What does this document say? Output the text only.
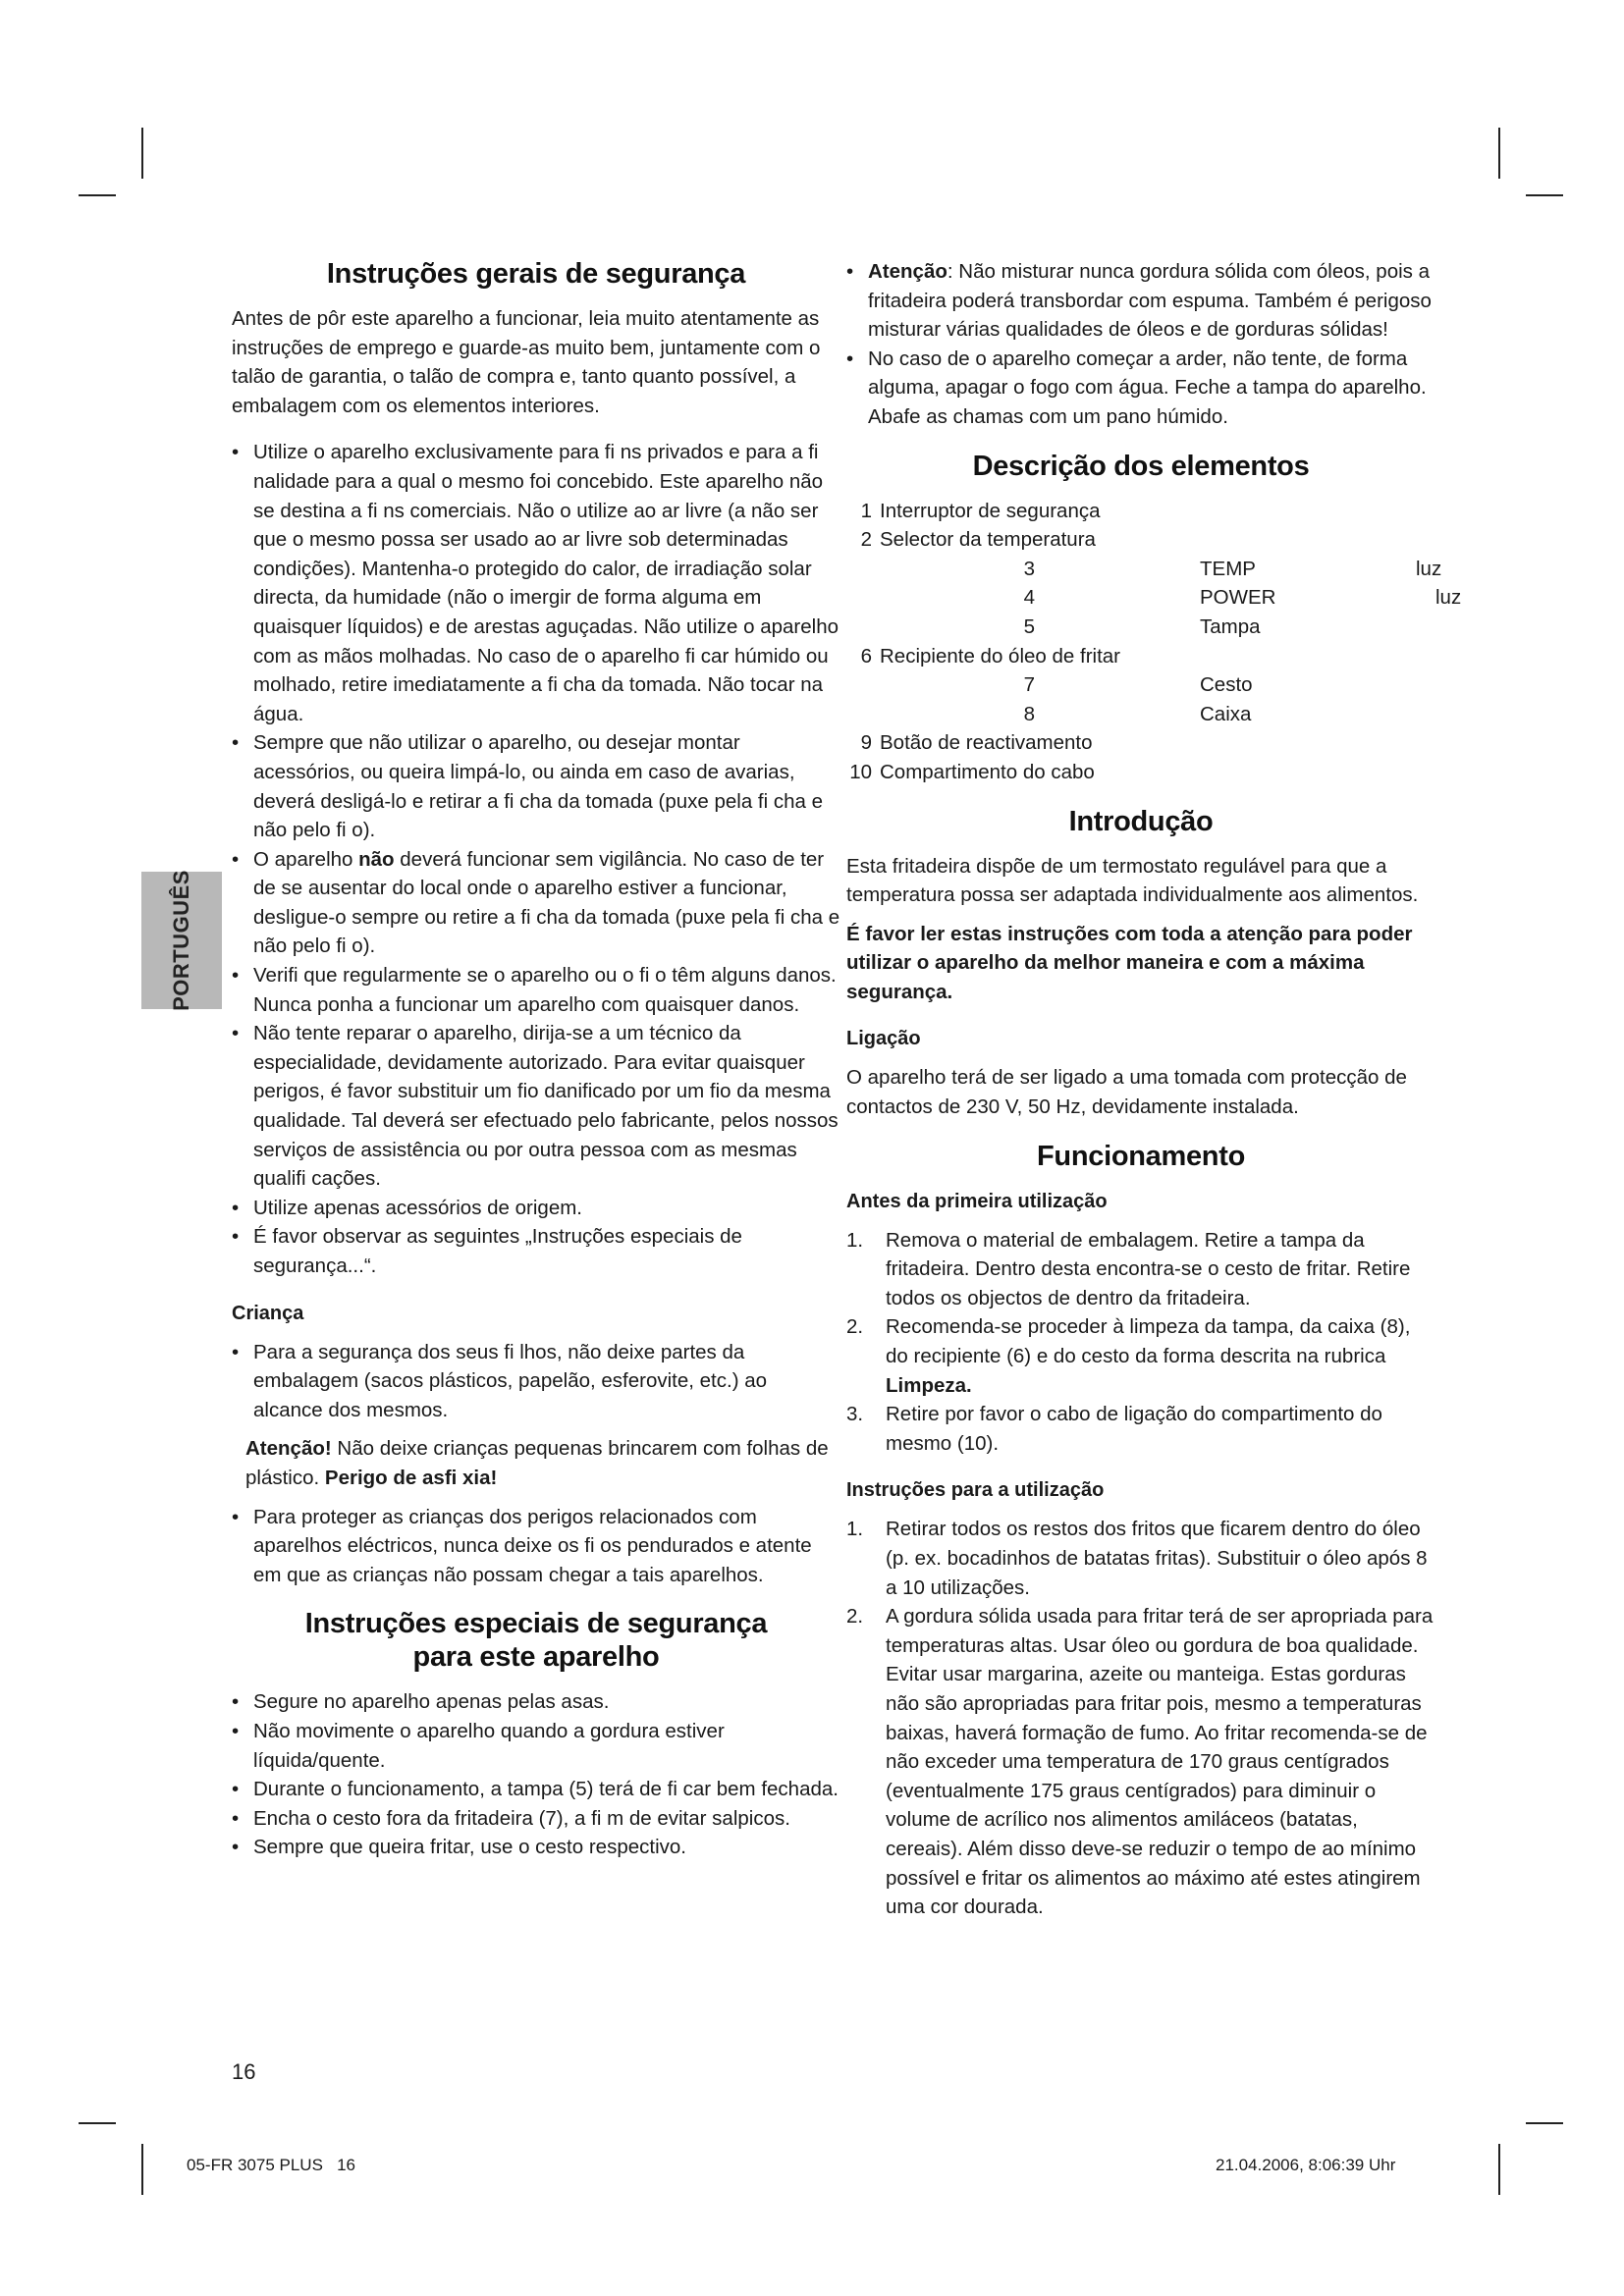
PORTUGUÊS
Instruções gerais de segurança

Antes de pôr este aparelho a funcionar, leia muito atentamente as instruções de emprego e guarde-as muito bem, juntamente com o talão de garantia, o talão de compra e, tanto quanto possível, a embalagem com os elementos interiores.

• Utilize o aparelho exclusivamente para fi ns privados e para a fi nalidade para a qual o mesmo foi concebido. Este aparelho não se destina a fi ns comerciais. Não o utilize ao ar livre (a não ser que o mesmo possa ser usado ao ar livre sob determinadas condições). Mantenha-o protegido do calor, de irradiação solar directa, da humidade (não o imergir de forma alguma em quaisquer líquidos) e de arestas aguçadas. Não utilize o aparelho com as mãos molhadas. No caso de o aparelho fi car húmido ou molhado, retire imediatamente a fi cha da tomada. Não tocar na água.
• Sempre que não utilizar o aparelho, ou desejar montar acessórios, ou queira limpá-lo, ou ainda em caso de avarias, deverá desligá-lo e retirar a fi cha da tomada (puxe pela fi cha e não pelo fi o).
• O aparelho não deverá funcionar sem vigilância. No caso de ter de se ausentar do local onde o aparelho estiver a funcionar, desligue-o sempre ou retire a fi cha da tomada (puxe pela fi cha e não pelo fi o).
• Verifi que regularmente se o aparelho ou o fi o têm alguns danos. Nunca ponha a funcionar um aparelho com quaisquer danos.
• Não tente reparar o aparelho, dirija-se a um técnico da especialidade, devidamente autorizado. Para evitar quaisquer perigos, é favor substituir um fio danificado por um fio da mesma qualidade. Tal deverá ser efectuado pelo fabricante, pelos nossos serviços de assistência ou por outra pessoa com as mesmas qualifi cações.
• Utilize apenas acessórios de origem.
• É favor observar as seguintes „Instruções especiais de segurança...“.
Criança
• Para a segurança dos seus fi lhos, não deixe partes da embalagem (sacos plásticos, papelão, esferovite, etc.) ao alcance dos mesmos.

Atenção! Não deixe crianças pequenas brincarem com folhas de plástico. Perigo de asfi xia!

• Para proteger as crianças dos perigos relacionados com aparelhos eléctricos, nunca deixe os fi os pendurados e atente em que as crianças não possam chegar a tais aparelhos.
Instruções especiais de segurança
para este aparelho
• Segure no aparelho apenas pelas asas.
• Não movimente o aparelho quando a gordura estiver líquida/quente.
• Durante o funcionamento, a tampa (5) terá de fi car bem fechada.
• Encha o cesto fora da fritadeira (7), a fi m de evitar salpicos.
• Sempre que queira fritar, use o cesto respectivo.
• Atenção: Não misturar nunca gordura sólida com óleos, pois a fritadeira poderá transbordar com espuma. Também é perigoso misturar várias qualidades de óleos e de gorduras sólidas!
• No caso de o aparelho começar a arder, não tente, de forma alguma, apagar o fogo com água. Feche a tampa do aparelho. Abafe as chamas com um pano húmido.
Descrição dos elementos
1 Interruptor de segurança
2 Selector da temperatura
3	TEMP	luz
4	POWER	luz
5	Tampa
6 Recipiente do óleo de fritar
7	Cesto
8	Caixa
9 Botão de reactivamento
10 Compartimento do cabo
Introdução

Esta fritadeira dispõe de um termostato regulável para que a temperatura possa ser adaptada individualmente aos alimentos.

É favor ler estas instruções com toda a atenção para poder utilizar o aparelho da melhor maneira e com a máxima segurança.

Ligação

O aparelho terá de ser ligado a uma tomada com protecção de contactos de 230 V, 50 Hz, devidamente instalada.

Funcionamento
Antes da primeira utilização
1. Remova o material de embalagem. Retire a tampa da fritadeira. Dentro desta encontra-se o cesto de fritar. Retire todos os objectos de dentro da fritadeira.
2. Recomenda-se proceder à limpeza da tampa, da caixa (8), do recipiente (6) e do cesto da forma descrita na rubrica Limpeza.
3. Retire por favor o cabo de ligação do compartimento do mesmo (10).
Instruções para a utilização
1. Retirar todos os restos dos fritos que ficarem dentro do óleo (p. ex. bocadinhos de batatas fritas). Substituir o óleo após 8 a 10 utilizações.
2. A gordura sólida usada para fritar terá de ser apropriada para temperaturas altas. Usar óleo ou gordura de boa qualidade. Evitar usar margarina, azeite ou manteiga. Estas gorduras não são apropriadas para fritar pois, mesmo a temperaturas baixas, haverá formação de fumo. Ao fritar recomenda-se de não exceder uma temperatura de 170 graus centígrados (eventualmente 175 graus centígrados) para diminuir o volume de acrílico nos alimentos amiláceos (batatas, cereais). Além disso deve-se reduzir o tempo de ao mínimo possível e fritar os alimentos ao máximo até estes atingirem uma cor dourada.
16
05-FR 3075 PLUS   16	21.04.2006, 8:06:39 Uhr
